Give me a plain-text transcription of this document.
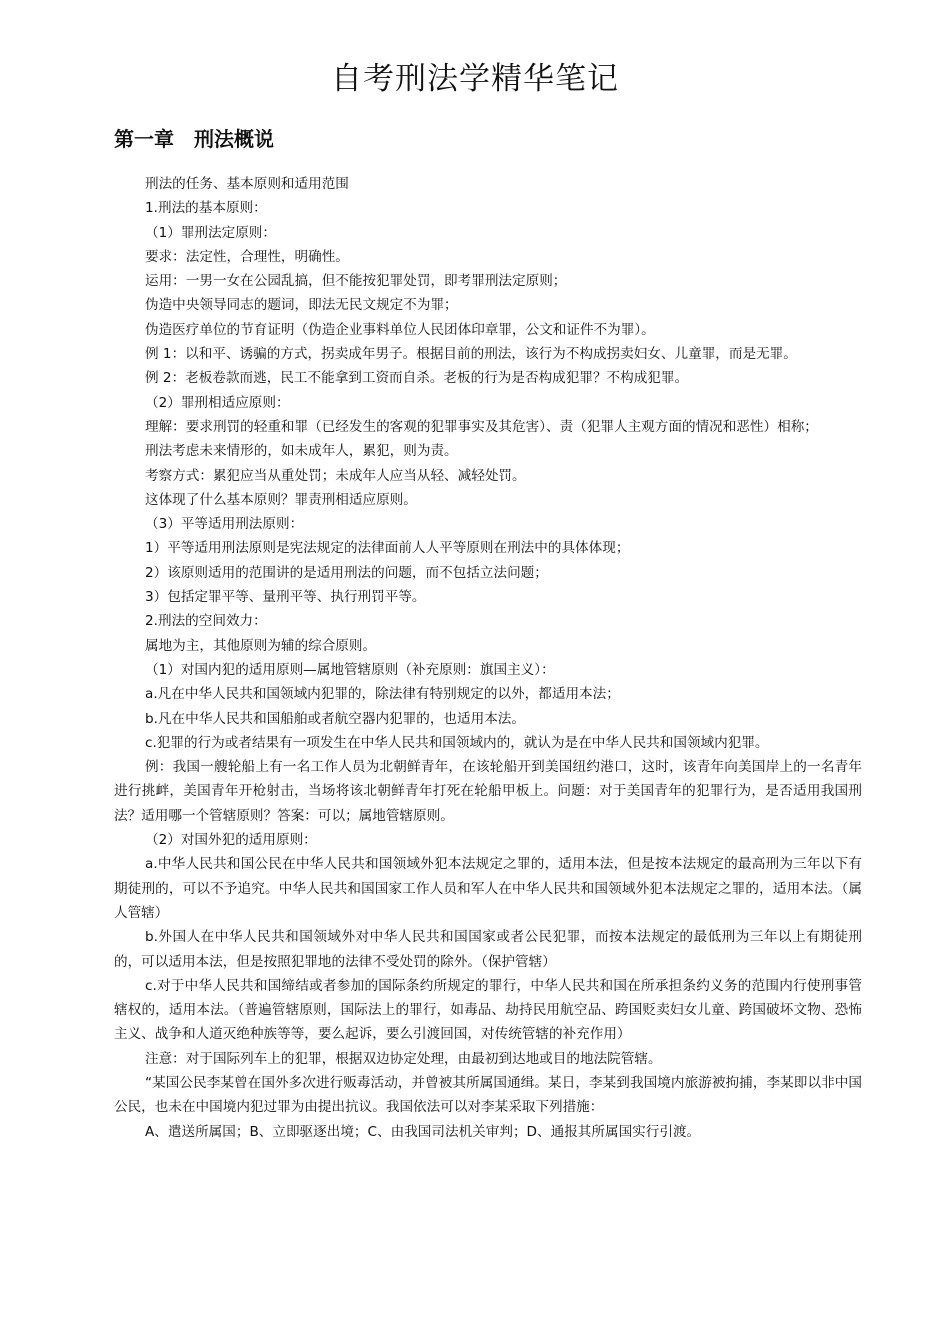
自考刑法学精华笔记
第一章　刑法概说

刑法的任务、基本原则和适用范围

1.刑法的基本原则：

（1）罪刑法定原则：

要求：法定性，合理性，明确性。

运用：一男一女在公园乱搞，但不能按犯罪处罚，即考罪刑法定原则；

伪造中央领导同志的题词，即法无民文规定不为罪；

伪造医疗单位的节育证明（伪造企业事料单位人民团体印章罪，公文和证件不为罪）。

例 1：以和平、诱骗的方式，拐卖成年男子。根据目前的刑法，该行为不构成拐卖妇女、儿童罪，而是无罪。

例 2：老板卷款而逃，民工不能拿到工资而自杀。老板的行为是否构成犯罪？不构成犯罪。

（2）罪刑相适应原则：

理解：要求刑罚的轻重和罪（已经发生的客观的犯罪事实及其危害）、责（犯罪人主观方面的情况和恶性）相称；

刑法考虑未来情形的，如未成年人，累犯，则为责。

考察方式：累犯应当从重处罚；未成年人应当从轻、减轻处罚。

这体现了什么基本原则？罪责刑相适应原则。

（3）平等适用刑法原则：

1）平等适用刑法原则是宪法规定的法律面前人人平等原则在刑法中的具体体现；

2）该原则适用的范围讲的是适用刑法的问题，而不包括立法问题；

3）包括定罪平等、量刑平等、执行刑罚平等。

2.刑法的空间效力：

属地为主，其他原则为辅的综合原则。

（1）对国内犯的适用原则—属地管辖原则（补充原则：旗国主义）：

a.凡在中华人民共和国领域内犯罪的，除法律有特别规定的以外，都适用本法；

b.凡在中华人民共和国船舶或者航空器内犯罪的，也适用本法。

c.犯罪的行为或者结果有一项发生在中华人民共和国领域内的，就认为是在中华人民共和国领域内犯罪。

例：我国一艘轮船上有一名工作人员为北朝鲜青年，在该轮船开到美国纽约港口，这时，该青年向美国岸上的一名青年进行挑衅，美国青年开枪射击，当场将该北朝鲜青年打死在轮船甲板上。问题：对于美国青年的犯罪行为，是否适用我国刑法？适用哪一个管辖原则？答案：可以；属地管辖原则。

（2）对国外犯的适用原则：

a.中华人民共和国公民在中华人民共和国领域外犯本法规定之罪的，适用本法，但是按本法规定的最高刑为三年以下有期徒刑的，可以不予追究。中华人民共和国国家工作人员和军人在中华人民共和国领域外犯本法规定之罪的，适用本法。（属人管辖）

b.外国人在中华人民共和国领域外对中华人民共和国国家或者公民犯罪，而按本法规定的最低刑为三年以上有期徒刑的，可以适用本法，但是按照犯罪地的法律不受处罚的除外。（保护管辖）

c.对于中华人民共和国缔结或者参加的国际条约所规定的罪行，中华人民共和国在所承担条约义务的范围内行使刑事管辖权的，适用本法。（普遍管辖原则，国际法上的罪行，如毒品、劫持民用航空品、跨国贬卖妇女儿童、跨国破坏文物、恐怖主义、战争和人道灭绝种族等等，要么起诉，要么引渡回国，对传统管辖的补充作用）

注意：对于国际列车上的犯罪，根据双边协定处理，由最初到达地或目的地法院管辖。

“某国公民李某曾在国外多次进行贩毒活动，并曾被其所属国通缉。某日，李某到我国境内旅游被拘捕，李某即以非中国公民，也未在中国境内犯过罪为由提出抗议。我国依法可以对李某采取下列措施：

A、遣送所属国；B、立即驱逐出境；C、由我国司法机关审判；D、通报其所属国实行引渡。
